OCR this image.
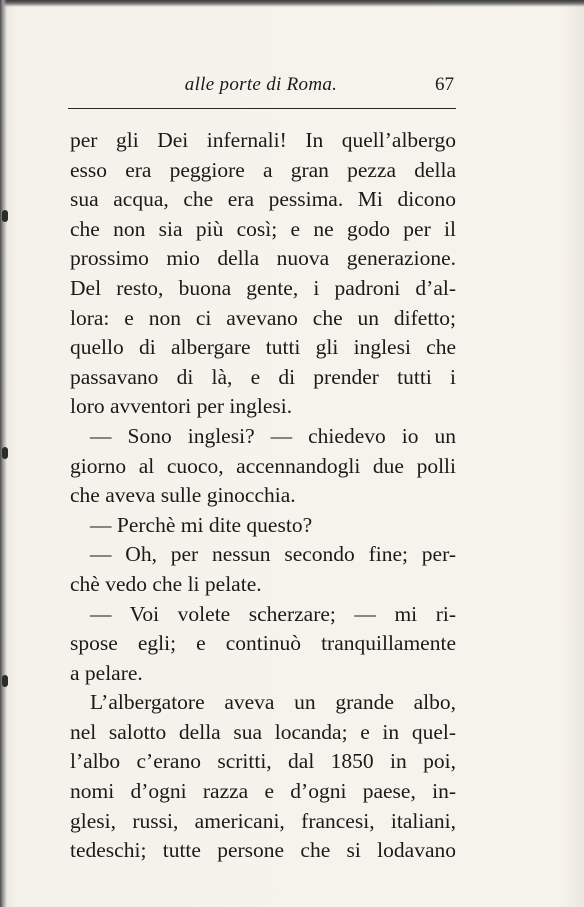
alle porte di Roma.	67
per gli Dei infernali! In quell’albergo
esso era peggiore a gran pezza della
sua acqua, che era pessima. Mi dicono
che non sia più così; e ne godo per il
prossimo mio della nuova generazione.
Del resto, buona gente, i padroni d’al-
lora: e non ci avevano che un difetto;
quello di albergare tutti gli inglesi che
passavano di là, e di prender tutti i
loro avventori per inglesi.
— Sono inglesi? — chiedevo io un
giorno al cuoco, accennandogli due polli
che aveva sulle ginocchia.
— Perchè mi dite questo?
— Oh, per nessun secondo fine; per-
chè vedo che li pelate.
— Voi volete scherzare; — mi ri-
spose egli; e continuò tranquillamente
a pelare.
L’albergatore aveva un grande albo,
nel salotto della sua locanda; e in quel-
l’albo c’erano scritti, dal 1850 in poi,
nomi d’ogni razza e d’ogni paese, in-
glesi, russi, americani, francesi, italiani,
tedeschi; tutte persone che si lodavano
